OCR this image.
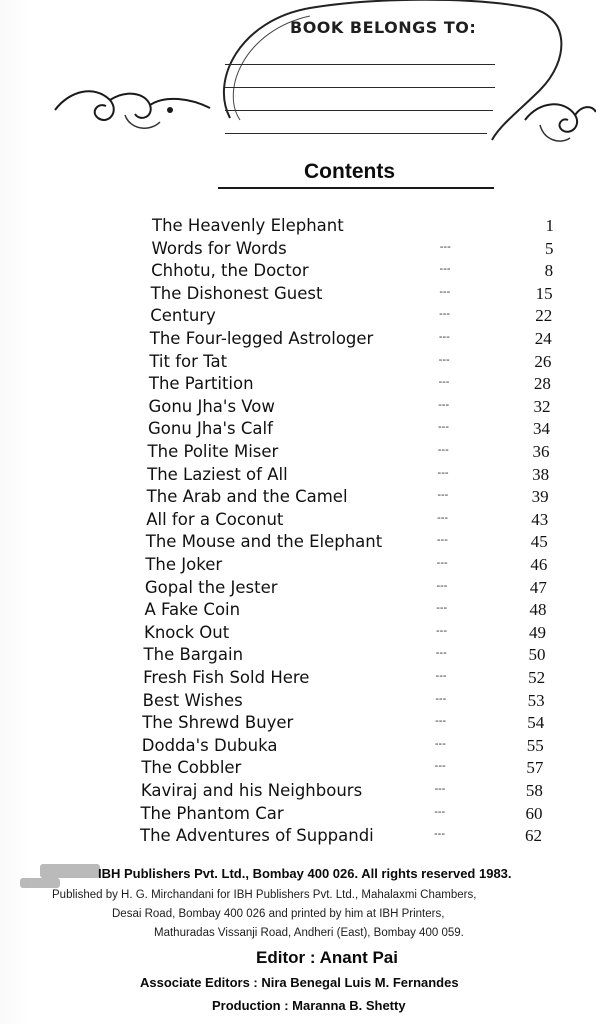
BOOK BELONGS TO:
Contents
The Heavenly Elephant	1
Words for Words	---	5
Chhotu, the Doctor	---	8
The Dishonest Guest	---	15
Century	---	22
The Four-legged Astrologer	---	24
Tit for Tat	---	26
The Partition	---	28
Gonu Jha's Vow	---	32
Gonu Jha's Calf	---	34
The Polite Miser	---	36
The Laziest of All	---	38
The Arab and the Camel	---	39
All for a Coconut	---	43
The Mouse and the Elephant	---	45
The Joker	---	46
Gopal the Jester	---	47
A Fake Coin	---	48
Knock Out	---	49
The Bargain	---	50
Fresh Fish Sold Here	---	52
Best Wishes	---	53
The Shrewd Buyer	---	54
Dodda's Dubuka	---	55
The Cobbler	---	57
Kaviraj and his Neighbours	---	58
The Phantom Car	---	60
The Adventures of Suppandi	---	62
IBH Publishers Pvt. Ltd., Bombay 400 026. All rights reserved 1983.
Published by H. G. Mirchandani for IBH Publishers Pvt. Ltd., Mahalaxmi Chambers,
Desai Road, Bombay 400 026 and printed by him at IBH Printers,
Mathuradas Vissanji Road, Andheri (East), Bombay 400 059.
Editor : Anant Pai
Associate Editors : Nira Benegal Luis M. Fernandes
Production : Maranna B. Shetty
